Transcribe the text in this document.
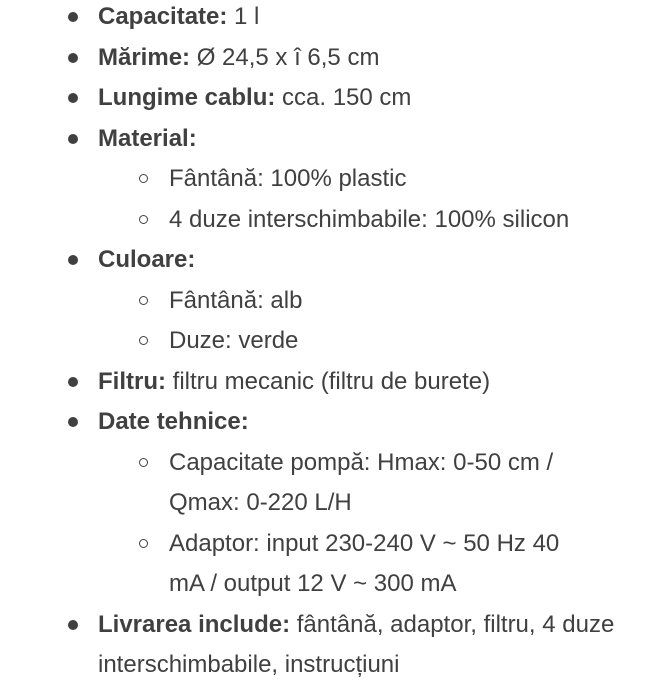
Capacitate: 1 l
Mărime: Ø 24,5 x î 6,5 cm
Lungime cablu: cca. 150 cm
Material:
Fântână: 100% plastic
4 duze interschimbabile: 100% silicon
Culoare:
Fântână: alb
Duze: verde
Filtru: filtru mecanic (filtru de burete)
Date tehnice:
Capacitate pompă: Hmax: 0-50 cm / Qmax: 0-220 L/H
Adaptor: input 230-240 V ~ 50 Hz 40 mA / output 12 V ~ 300 mA
Livrarea include: fântână, adaptor, filtru, 4 duze interschimbabile, instrucțiuni
